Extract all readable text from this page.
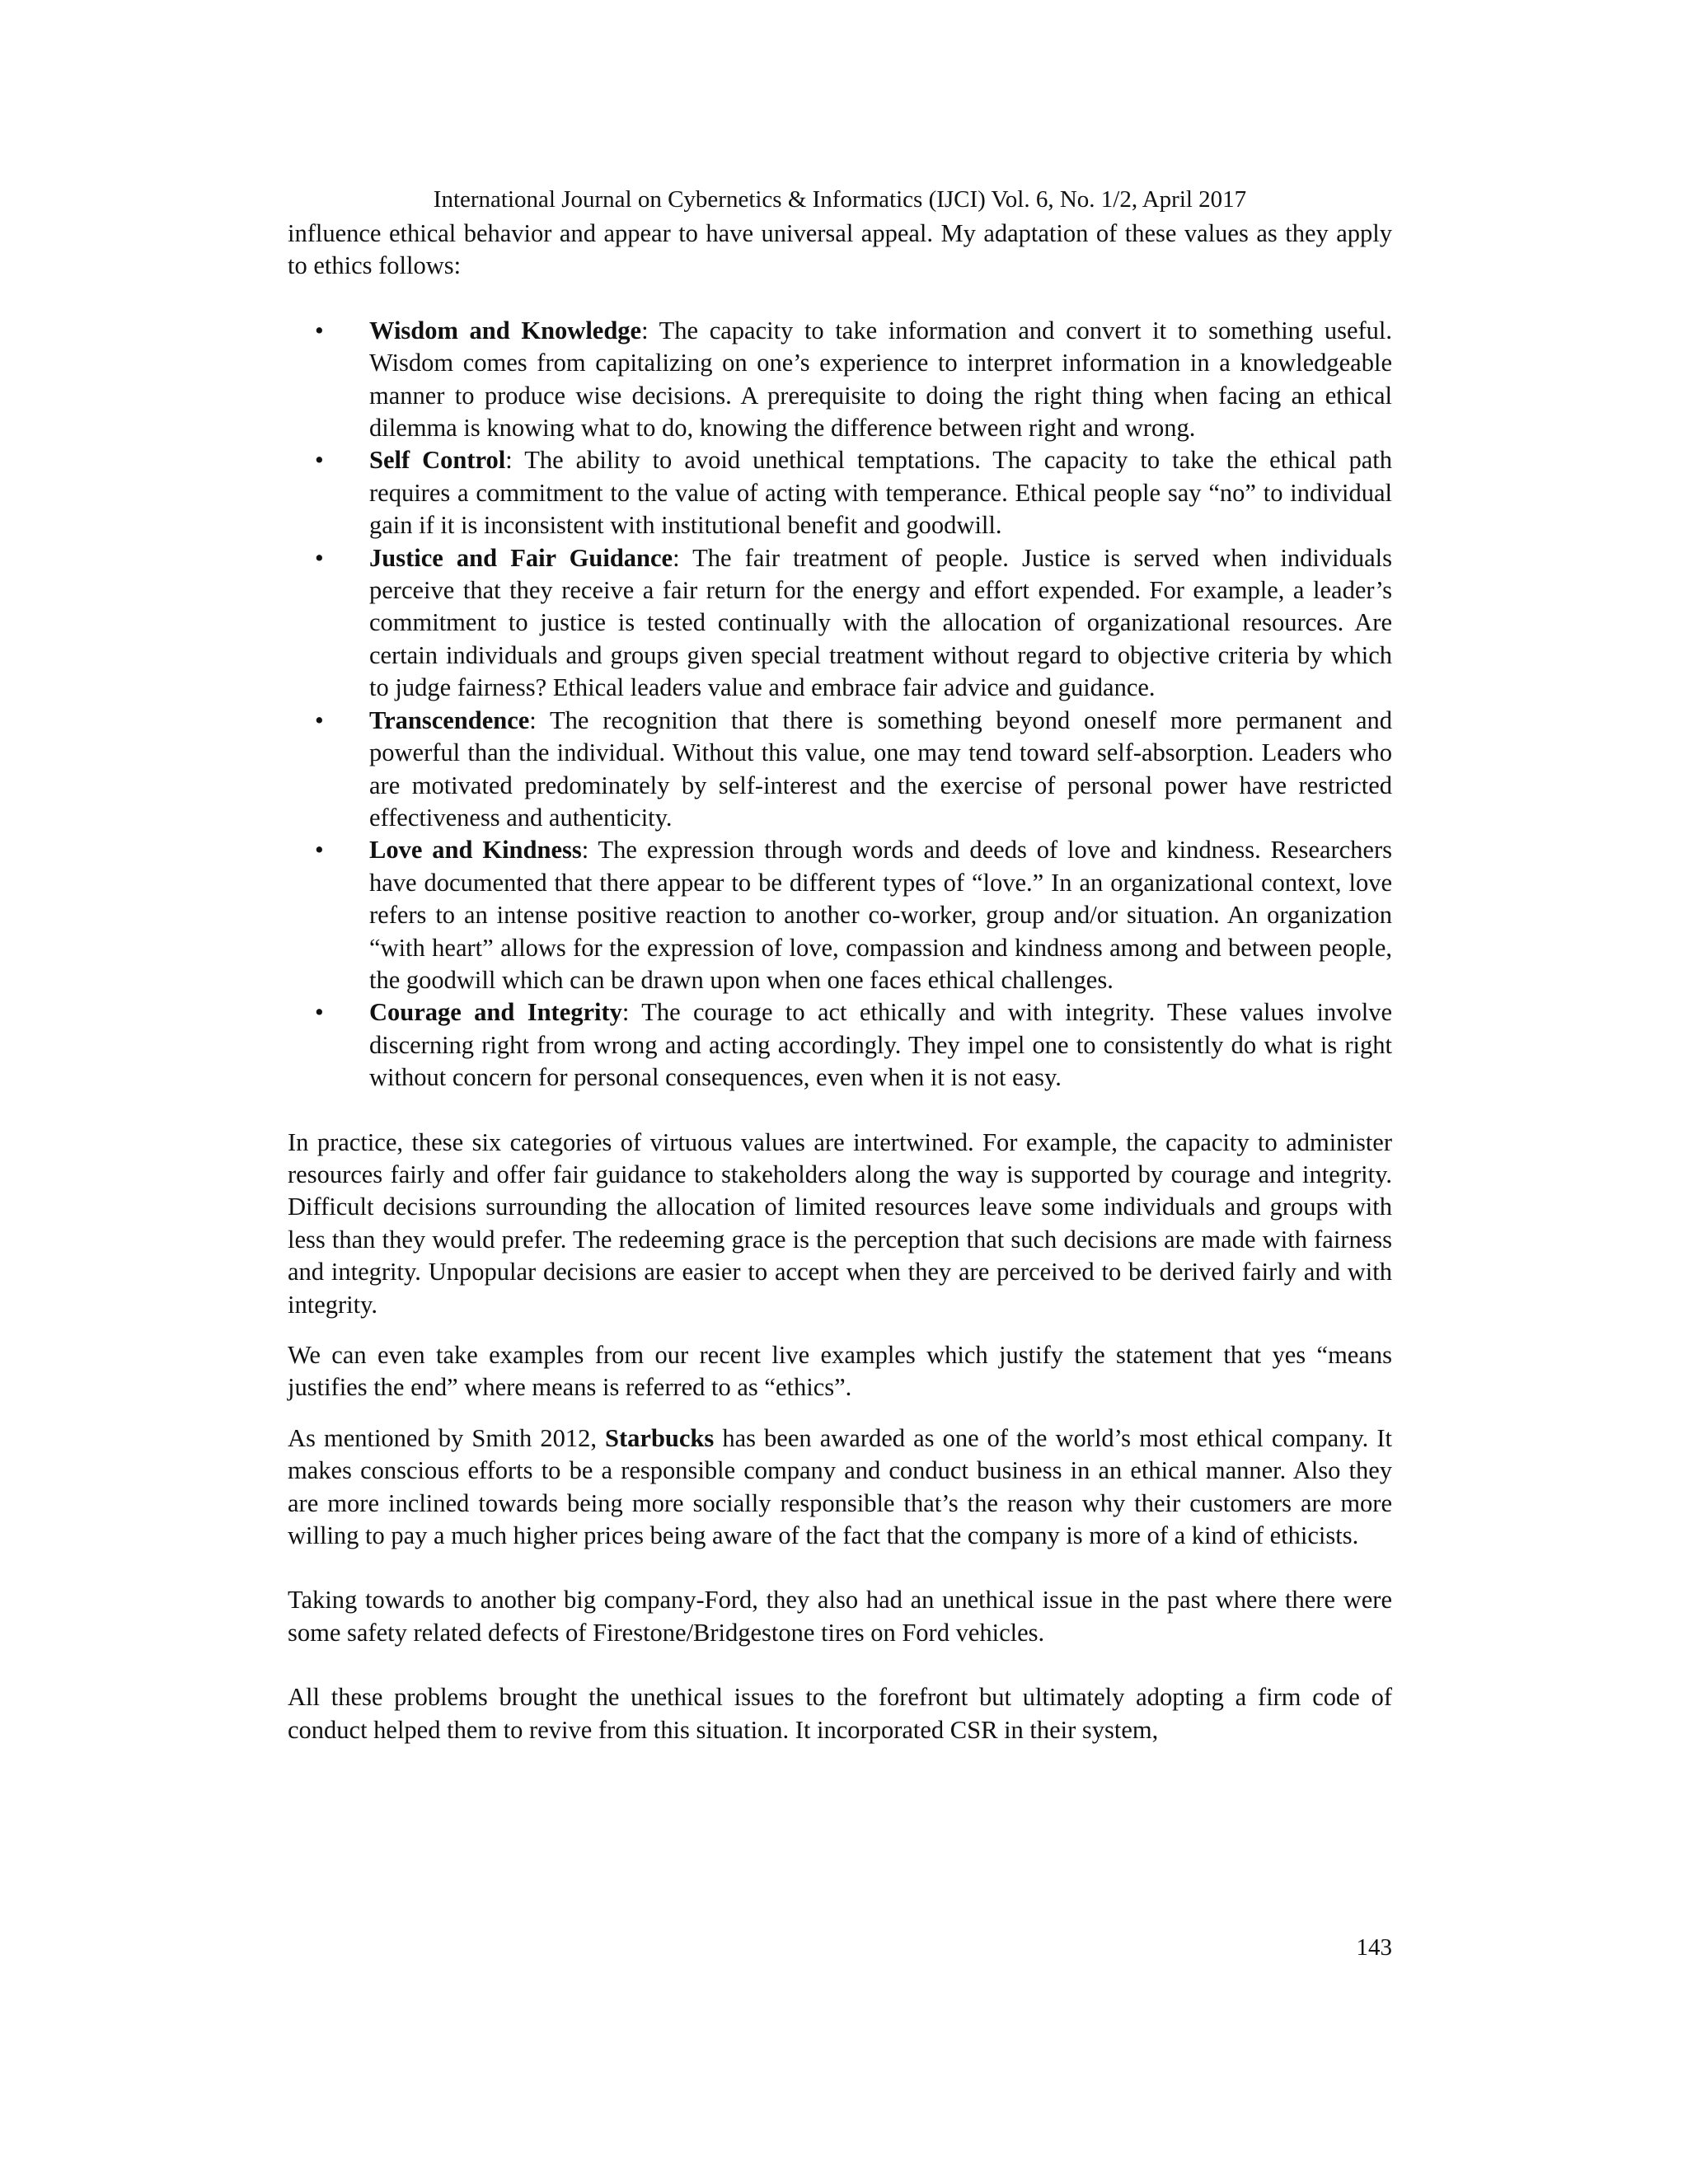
International Journal on Cybernetics & Informatics (IJCI) Vol. 6, No. 1/2, April 2017

influence ethical behavior and appear to have universal appeal. My adaptation of these values as they apply to ethics follows:

• Wisdom and Knowledge: The capacity to take information and convert it to something useful. Wisdom comes from capitalizing on one’s experience to interpret information in a knowledgeable manner to produce wise decisions. A prerequisite to doing the right thing when facing an ethical dilemma is knowing what to do, knowing the difference between right and wrong.
• Self Control: The ability to avoid unethical temptations. The capacity to take the ethical path requires a commitment to the value of acting with temperance. Ethical people say “no” to individual gain if it is inconsistent with institutional benefit and goodwill.
• Justice and Fair Guidance: The fair treatment of people. Justice is served when individuals perceive that they receive a fair return for the energy and effort expended. For example, a leader’s commitment to justice is tested continually with the allocation of organizational resources. Are certain individuals and groups given special treatment without regard to objective criteria by which to judge fairness? Ethical leaders value and embrace fair advice and guidance.
• Transcendence: The recognition that there is something beyond oneself more permanent and powerful than the individual. Without this value, one may tend toward self-absorption. Leaders who are motivated predominately by self-interest and the exercise of personal power have restricted effectiveness and authenticity.
• Love and Kindness: The expression through words and deeds of love and kindness. Researchers have documented that there appear to be different types of “love.” In an organizational context, love refers to an intense positive reaction to another co-worker, group and/or situation. An organization “with heart” allows for the expression of love, compassion and kindness among and between people, the goodwill which can be drawn upon when one faces ethical challenges.
• Courage and Integrity: The courage to act ethically and with integrity. These values involve discerning right from wrong and acting accordingly. They impel one to consistently do what is right without concern for personal consequences, even when it is not easy.

In practice, these six categories of virtuous values are intertwined. For example, the capacity to administer resources fairly and offer fair guidance to stakeholders along the way is supported by courage and integrity. Difficult decisions surrounding the allocation of limited resources leave some individuals and groups with less than they would prefer. The redeeming grace is the perception that such decisions are made with fairness and integrity. Unpopular decisions are easier to accept when they are perceived to be derived fairly and with integrity.

We can even take examples from our recent live examples which justify the statement that yes “means justifies the end” where means is referred to as “ethics”.

As mentioned by Smith 2012, Starbucks has been awarded as one of the world’s most ethical company. It makes conscious efforts to be a responsible company and conduct business in an ethical manner. Also they are more inclined towards being more socially responsible that’s the reason why their customers are more willing to pay a much higher prices being aware of the fact that the company is more of a kind of ethicists.

Taking towards to another big company-Ford, they also had an unethical issue in the past where there were some safety related defects of Firestone/Bridgestone tires on Ford vehicles.

All these problems brought the unethical issues to the forefront but ultimately adopting a firm code of conduct helped them to revive from this situation. It incorporated CSR in their system,

143
